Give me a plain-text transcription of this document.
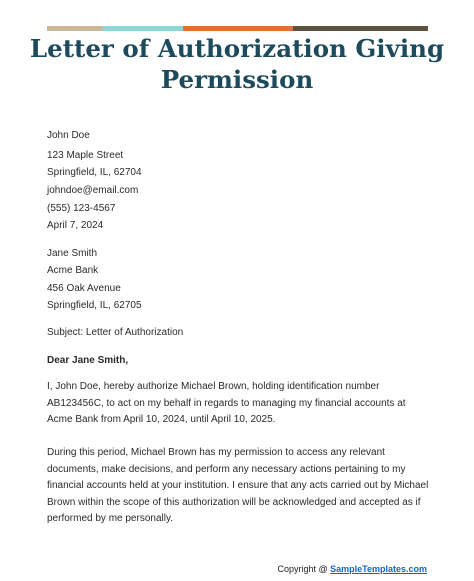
Letter of Authorization Giving Permission
John Doe
123 Maple Street
Springfield, IL, 62704
johndoe@email.com
(555) 123-4567
April 7, 2024
Jane Smith
Acme Bank
456 Oak Avenue
Springfield, IL, 62705
Subject: Letter of Authorization
Dear Jane Smith,

I, John Doe, hereby authorize Michael Brown, holding identification number AB123456C, to act on my behalf in regards to managing my financial accounts at Acme Bank from April 10, 2024, until April 10, 2025.

During this period, Michael Brown has my permission to access any relevant documents, make decisions, and perform any necessary actions pertaining to my financial accounts held at your institution. I ensure that any acts carried out by Michael Brown within the scope of this authorization will be acknowledged and accepted as if performed by me personally.

Copyright @ SampleTemplates.com
